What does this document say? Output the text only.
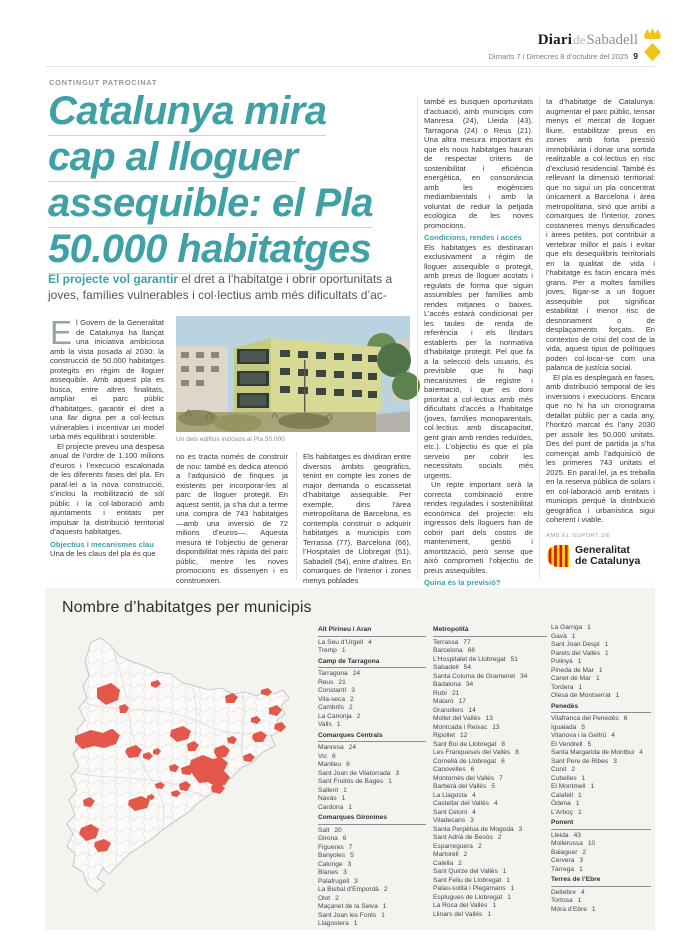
DiarideSabadell
Dimarts 7 i Dimecres 8 d’octubre del 2025 9
CONTINGUT PATROCINAT
Catalunya mira
cap al lloguer
assequible: el Pla
50.000 habitatges
El projecte vol garantir el dret a l’habitatge i obrir oportunitats a joves, famílies vulnerables i col·lectius amb més dificultats d’ac-
Un dels edificis inclosos al Pla 50.000

El Govern de la Generalitat de Catalunya ha llançat una iniciativa ambiciosa amb la vista posada al 2030: la construcció de 50.000 habitatges protegits en règim de lloguer assequible. Amb aquest pla es busca, entre altres finalitats, ampliar el parc públic d’habitatges, garantir el dret a una llar digna per a col·lectius vulnerables i incentivar un model urbà més equilibrat i sostenible.

El projecte preveu una despesa anual de l’ordre de 1.100 milions d’euros i l’execució escalonada de les diferents fases del pla. En paral·lel a la nova construcció, s’inclou la mobilització de sòl públic i la col·laboració amb ajuntaments i entitats per impulsar la distribució territorial d’aquests habitatges.

Objectius i mecanismes clau

Una de les claus del pla és que

no es tracta només de construir de nou: també es dedica atenció a l’adquisició de finques ja existents per incorporar-les al parc de lloguer protegit. En aquest sentit, ja s’ha dut a terme una compra de 743 habitatges —amb una inversió de 72 milions d’euros—. Aquesta mesura té l’objectiu de generar disponibilitat més ràpida del parc públic, mentre les noves promocions es dissenyen i es construeixen.

Els habitatges es dividiran entre diversos àmbits geogràfics, tenint en compte les zones de major demanda o escassetat d’habitatge assequible. Per exemple, dins l’àrea metropolitana de Barcelona, es contempla construir o adquirir habitatges a municipis com Terrassa (77), Barcelona (66), l’Hospitalet de Llobregat (51), Sabadell (54), entre d’altres. En comarques de l’interior i zones menys poblades

també es busquen oportunitats d’actuació, amb municipis com Manresa (24), Lleida (43), Tarragona (24) o Reus (21). Una altra mesura important és que els nous habitatges hauran de respectar criteris de sostenibilitat i eficiència energètica, en consonància amb les exigències mediambientals i amb la voluntat de reduir la petjada ecològica de les noves promocions.

Condicions, rendes i accés

Els habitatges es destinaran exclusivament a règim de lloguer assequible o protegit, amb preus de lloguer acotats i regulats de forma que siguin assumibles per famílies amb rendes mitjanes o baixes. L’accés estarà condicionat per les taules de renda de referència i els llindars establerts per la normativa d’habitatge protegit. Pel que fa a la selecció dels usuaris, és previsible que hi hagi mecanismes de registre i baremació, i que es doni prioritat a col·lectius amb més dificultats d’accés a l’habitatge (joves, famílies monoparentals, col·lectius amb discapacitat, gent gran amb rendes reduïdes, etc.). L’objectiu és que el pla serveixi per cobrir les necessitats socials més urgents.

Un repte important serà la correcta combinació entre rendes regulades i sostenibilitat econòmica del projecte: els ingressos dels lloguers han de cobrir part dels costos de manteniment, gestió i amortització, però sense que això comprometi l’objectiu de preus assequibles.

Quina és la previsió?

ta d’habitatge de Catalunya: augmentar el parc públic, tensar menys el mercat de lloguer lliure, estabilitzar preus en zones amb forta pressió immobiliària i donar una sortida realitzable a col·lectius en risc d’exclusió residencial. També és rellevant la dimensió territorial: que no sigui un pla concentrat únicament a Barcelona i àrea metropolitana, sinó que arribi a comarques de l’interior, zones costaneres menys densificades i àrees petites, pot contribuir a vertebrar millor el país i evitar que els desequilibris territorials en la qualitat de vida i l’habitatge es facin encara més grans. Per a moltes famílies joves, lligar-se a un lloguer assequible pot significar estabilitat i menor risc de desnonament o de desplaçaments forçats. En contextos de crisi del cost de la vida, aquest tipus de polítiques poden col·locar-se com una palanca de justícia social.

El pla es desplegarà en fases, amb distribució temporal de les inversions i execucions. Encara que no hi ha un cronograma detallat públic per a cada any, l’horitzó marcat és l’any 2030 per assolir les 50.000 unitats. Des del punt de partida ja s’ha començat amb l’adquisició de les primeres 743 unitats el 2025. En paral·lel, ja es treballa en la reserva pública de solars i en col·laboració amb entitats i municipis perquè la distribució geogràfica i urbanística sigui coherent i viable.

AMB EL SUPORT DE
Generalitat
de Catalunya
Nombre d’habitatges per municipis
Alt Pirineu i Aran
La Seu d’Urgell 4
Tremp 1
Camp de Tarragona
Tarragona 24
Reus 21
Constantí 3
Vila-seca 2
Cambrils 2
La Canonja 2
Valls 1
Comarques Centrals
Manresa 24
Vic 6
Manlleu 6
Sant Joan de Vilatorrada 3
Sant Fruitós de Bages 1
Sallent 1
Navàs 1
Cardona 1
Comarques Gironines
Salt 20
Girona 6
Figueres 7
Banyoles 5
Calonge 3
Blanes 3
Palafrugell 3
La Bisbal d’Empordà 2
Olot 2
Maçanet de la Selva 1
Sant Joan les Fonts 1
Llagostera 1
Metropolità
Terrassa 77
Barcelona 66
L’Hospitalet de Llobregat 51
Sabadell 54
Santa Coloma de Gramenet 34
Badalona 34
Rubí 21
Mataró 17
Granollers 14
Mollet del Vallès 13
Montcada i Reixac 13
Ripollet 12
Sant Boi de Llobregat 8
Les Franqueses del Vallès 8
Cornellà de Llobregat 6
Canovelles 6
Montornès del Vallès 7
Barberà del Vallès 5
La Llagosta 4
Castellar del Vallès 4
Sant Celoni 4
Viladecans 3
Santa Perpètua de Mogoda 3
Sant Adrià de Besòs 2
Esparreguera 2
Martorell 2
Calella 2
Sant Quirze del Vallès 1
Sant Feliu de Llobregat 1
Palau-solità i Plegamans 1
Esplugues de Llobregat 1
La Roca del Vallès 1
Llinars del Vallès 1
La Garriga 1
Gavà 1
Sant Joan Despí 1
Parets del Vallès 1
Polinyà 1
Pineda de Mar 1
Canet de Mar 1
Tordera 1
Olesa de Montserrat 1
Penedès
Vilafranca del Penedès 6
Igualada 5
Vilanova i la Geltrú 4
El Vendrell 5
Santa Margarida de Montbui 4
Sant Pere de Ribes 3
Cunit 2
Cubelles 1
El Montmell 1
Calafell 1
Òdena 1
L’Arboç 1
Ponent
Lleida 43
Mollerussa 10
Balaguer 2
Cervera 3
Tàrrega 1
Terres de l’Ebre
Deltebre 4
Tortosa 1
Móra d’Ebre 1
